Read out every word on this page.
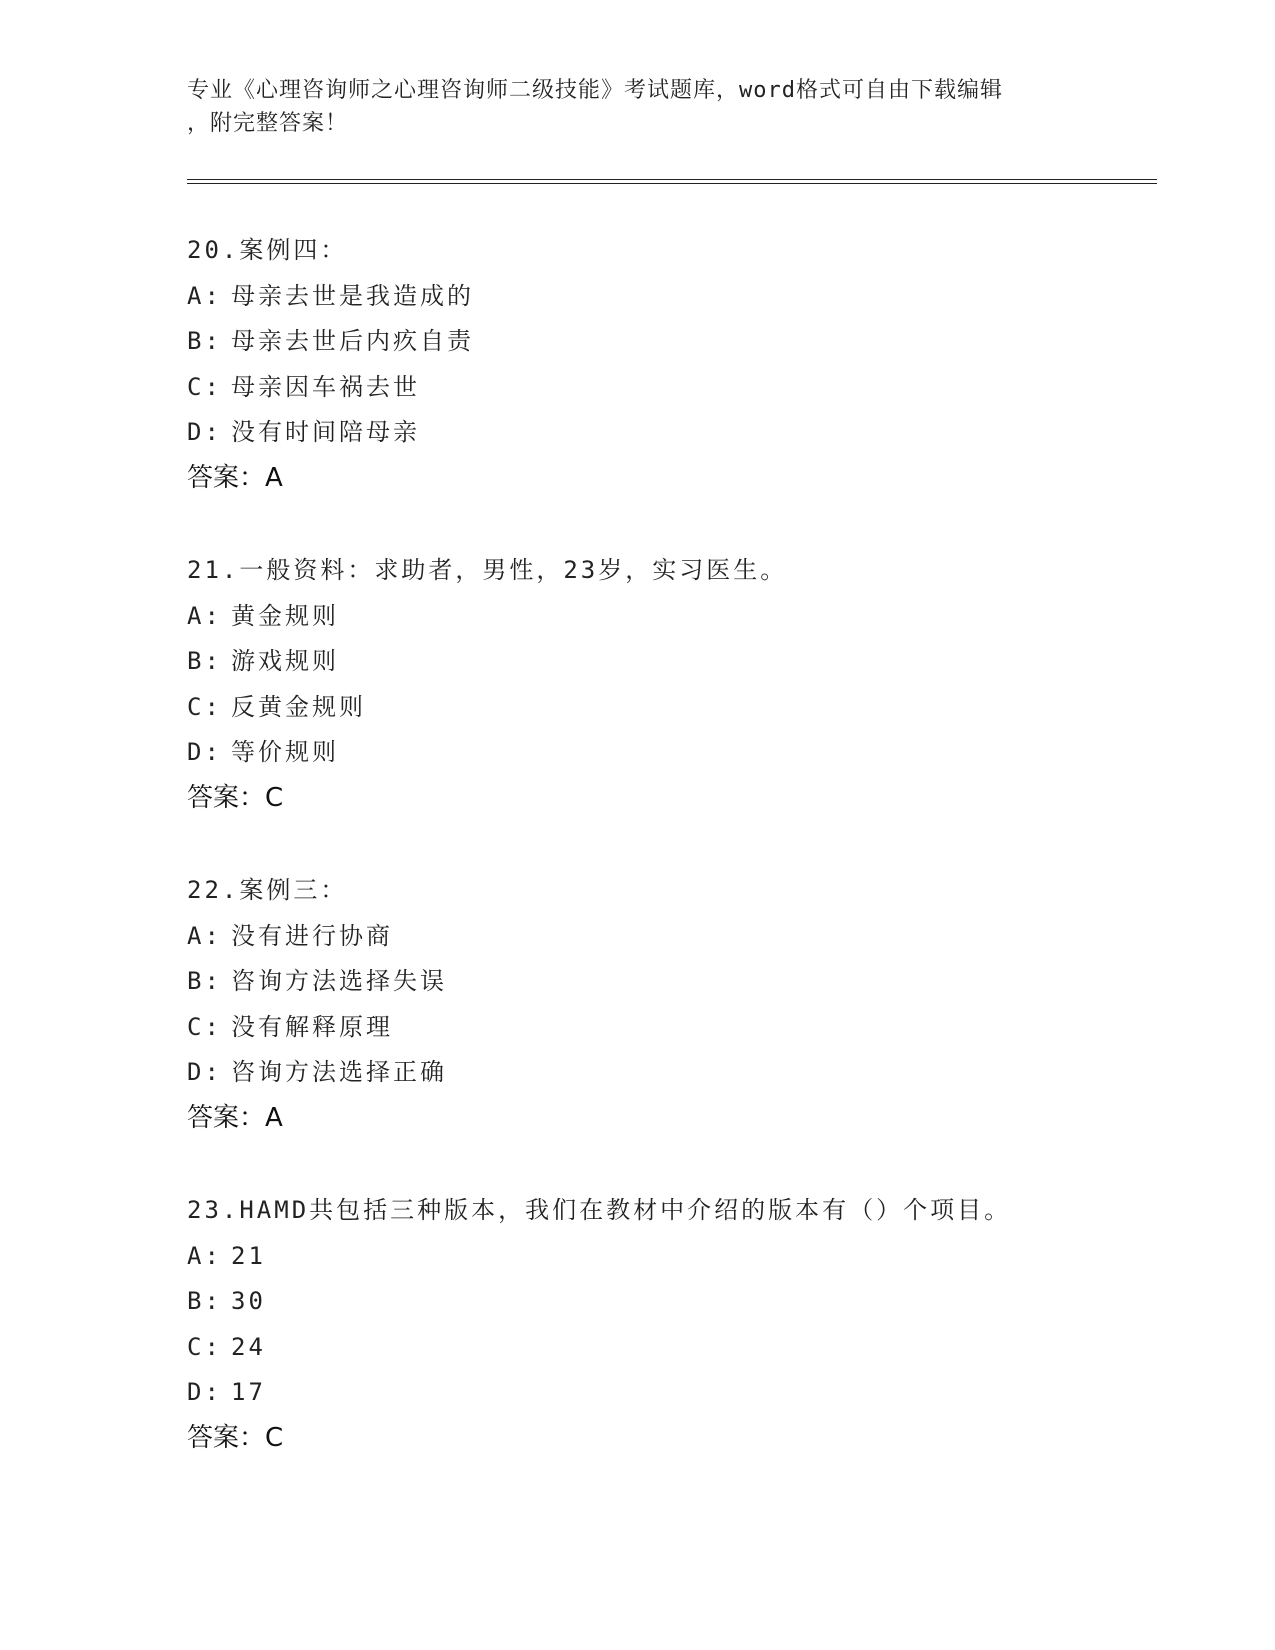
专业《心理咨询师之心理咨询师二级技能》考试题库，word格式可自由下载编辑
，附完整答案！
20.案例四：
A: 母亲去世是我造成的
B: 母亲去世后内疚自责
C: 母亲因车祸去世
D: 没有时间陪母亲
答案：A
21.一般资料：求助者，男性，23岁，实习医生。
A: 黄金规则
B: 游戏规则
C: 反黄金规则
D: 等价规则
答案：C
22.案例三：
A: 没有进行协商
B: 咨询方法选择失误
C: 没有解释原理
D: 咨询方法选择正确
答案：A
23.HAMD共包括三种版本，我们在教材中介绍的版本有（）个项目。
A: 21
B: 30
C: 24
D: 17
答案：C
